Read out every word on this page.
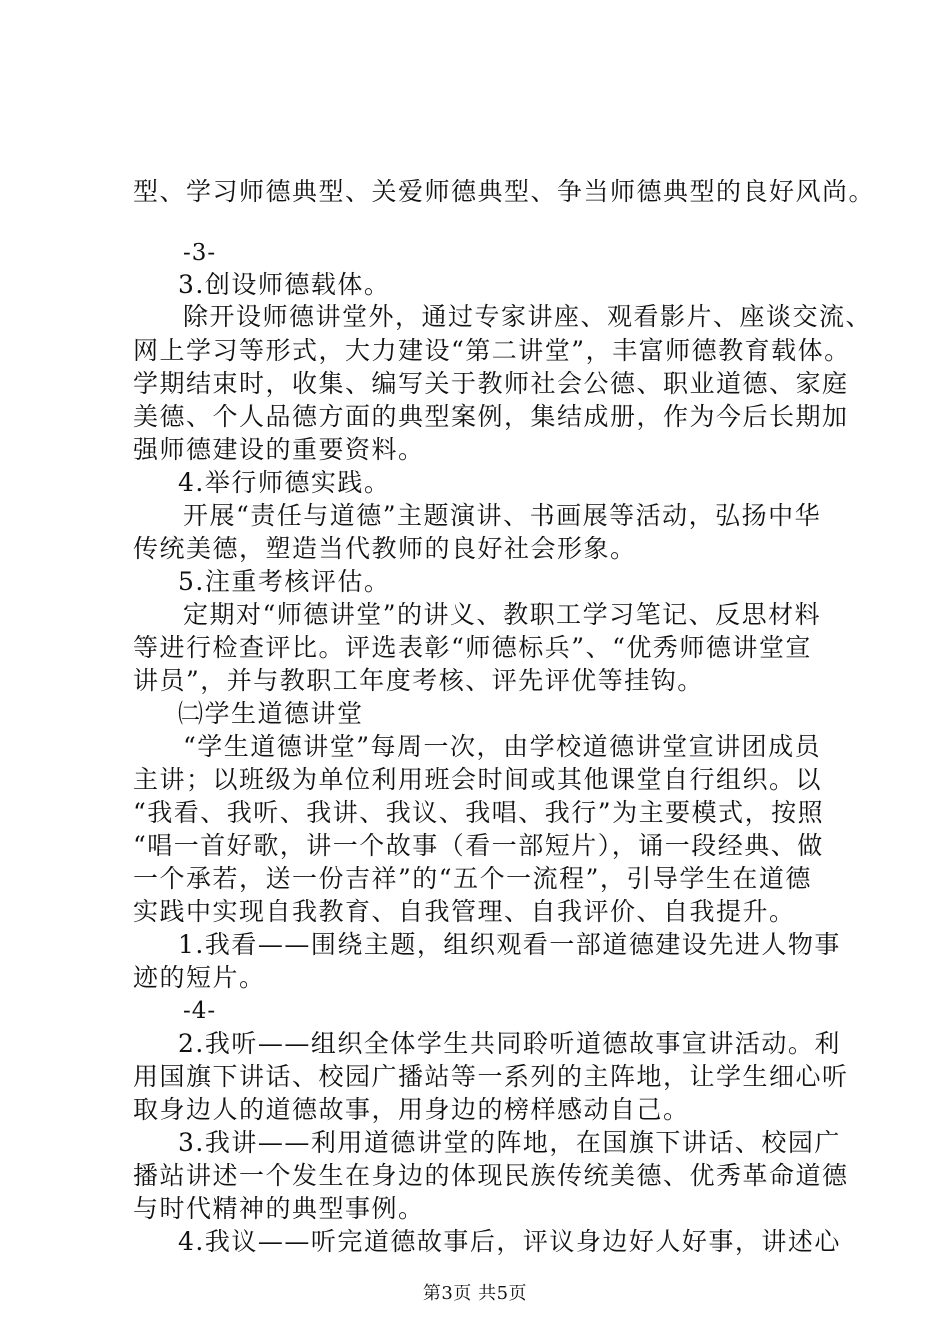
型、学习师德典型、关爱师德典型、争当师德典型的良好风尚。
-3-
3.创设师德载体。
除开设师德讲堂外，通过专家讲座、观看影片、座谈交流、
网上学习等形式，大力建设“第二讲堂”，丰富师德教育载体。
学期结束时，收集、编写关于教师社会公德、职业道德、家庭
美德、个人品德方面的典型案例，集结成册，作为今后长期加
强师德建设的重要资料。
4.举行师德实践。
开展“责任与道德”主题演讲、书画展等活动，弘扬中华
传统美德，塑造当代教师的良好社会形象。
5.注重考核评估。
定期对“师德讲堂”的讲义、教职工学习笔记、反思材料
等进行检查评比。评选表彰“师德标兵”、“优秀师德讲堂宣
讲员”，并与教职工年度考核、评先评优等挂钩。
㈡学生道德讲堂
“学生道德讲堂”每周一次，由学校道德讲堂宣讲团成员
主讲；以班级为单位利用班会时间或其他课堂自行组织。以
“我看、我听、我讲、我议、我唱、我行”为主要模式，按照
“唱一首好歌，讲一个故事（看一部短片），诵一段经典、做
一个承若，送一份吉祥”的“五个一流程”，引导学生在道德
实践中实现自我教育、自我管理、自我评价、自我提升。
1.我看——围绕主题，组织观看一部道德建设先进人物事
迹的短片。
-4-
2.我听——组织全体学生共同聆听道德故事宣讲活动。利
用国旗下讲话、校园广播站等一系列的主阵地，让学生细心听
取身边人的道德故事，用身边的榜样感动自己。
3.我讲——利用道德讲堂的阵地，在国旗下讲话、校园广
播站讲述一个发生在身边的体现民族传统美德、优秀革命道德
与时代精神的典型事例。
4.我议——听完道德故事后，评议身边好人好事，讲述心
第3页 共5页
